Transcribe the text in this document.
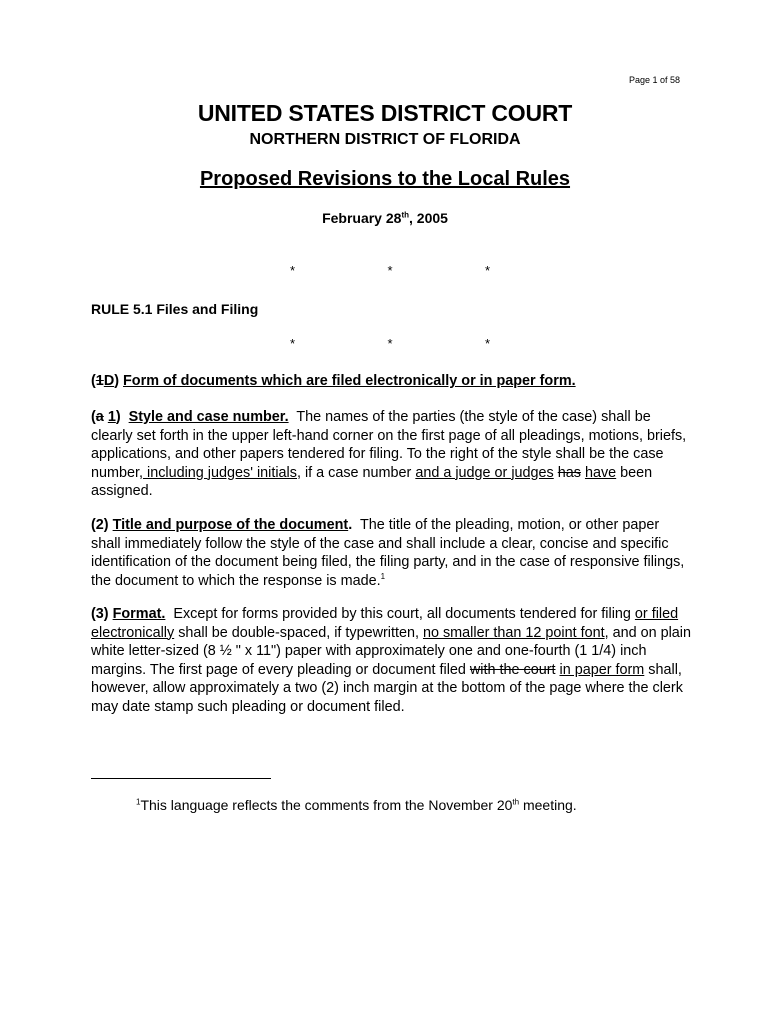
Page 1 of 58
UNITED STATES DISTRICT COURT
NORTHERN DISTRICT OF FLORIDA
Proposed Revisions to the Local Rules
February 28th, 2005
*	*	*
RULE 5.1 Files and Filing
*	*	*
(1D) Form of documents which are filed electronically or in paper form.
(a 1) Style and case number. The names of the parties (the style of the case) shall be clearly set forth in the upper left-hand corner on the first page of all pleadings, motions, briefs, applications, and other papers tendered for filing. To the right of the style shall be the case number, including judges' initials, if a case number and a judge or judges has have been assigned.
(2) Title and purpose of the document. The title of the pleading, motion, or other paper shall immediately follow the style of the case and shall include a clear, concise and specific identification of the document being filed, the filing party, and in the case of responsive filings, the document to which the response is made.$^1$
(3) Format. Except for forms provided by this court, all documents tendered for filing or filed electronically shall be double-spaced, if typewritten, no smaller than 12 point font, and on plain white letter-sized (8 ½ " x 11") paper with approximately one and one-fourth (1 1/4) inch margins. The first page of every pleading or document filed with the court in paper form shall, however, allow approximately a two (2) inch margin at the bottom of the page where the clerk may date stamp such pleading or document filed.
$^1$This language reflects the comments from the November 20th meeting.
